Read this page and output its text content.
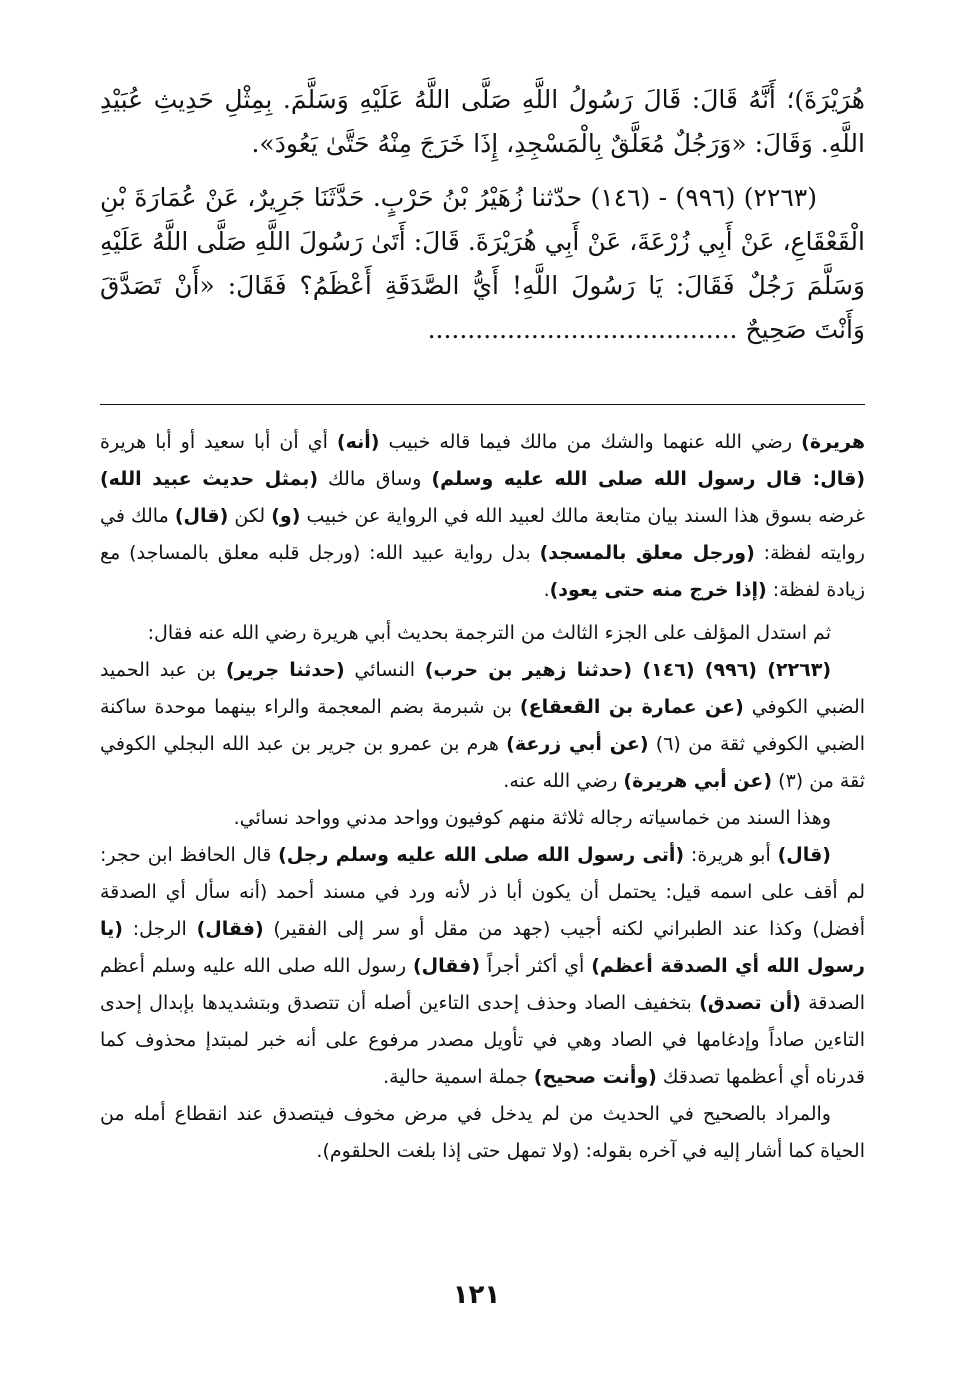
هُرَيْرَةَ)؛ أَنَّهُ قَالَ: قَالَ رَسُولُ اللَّهِ صَلَّى اللَّهُ عَلَيْهِ وَسَلَّمَ. بِمِثْلِ حَدِيثِ عُبَيْدِ اللَّهِ. وَقَالَ: «وَرَجُلٌ مُعَلَّقٌ بِالْمَسْجِدِ، إِذَا خَرَجَ مِنْهُ حَتَّىٰ يَعُودَ».

(٢٢٦٣) (٩٩٦) - (١٤٦) حدّثنا زُهَيْرُ بْنُ حَرْبٍ. حَدَّثَنَا جَرِيرٌ، عَنْ عُمَارَةَ بْنِ الْقَعْقَاعِ، عَنْ أَبِي زُرْعَةَ، عَنْ أَبِي هُرَيْرَةَ. قَالَ: أَتَىٰ رَسُولَ اللَّهِ صَلَّى اللَّهُ عَلَيْهِ وَسَلَّمَ رَجُلٌ فَقَالَ: يَا رَسُولَ اللَّهِ! أَيُّ الصَّدَقَةِ أَعْظَمُ؟ فَقَالَ: «أَنْ تَصَدَّقَ وَأَنْتَ صَحِيحٌ .......................................

هريرة) رضي الله عنهما والشك من مالك فيما قاله خبيب (أنه) أي أن أبا سعيد أو أبا هريرة (قال: قال رسول الله صلى الله عليه وسلم) وساق مالك (بمثل حديث عبيد الله) غرضه بسوق هذا السند بيان متابعة مالك لعبيد الله في الرواية عن خبيب (و) لكن (قال) مالك في روايته لفظة: (ورجل معلق بالمسجد) بدل رواية عبيد الله: (ورجل قلبه معلق بالمساجد) مع زيادة لفظة: (إذا خرج منه حتى يعود).

ثم استدل المؤلف على الجزء الثالث من الترجمة بحديث أبي هريرة رضي الله عنه فقال:

(٢٢٦٣) (٩٩٦) (١٤٦) (حدثنا زهير بن حرب) النسائي (حدثنا جرير) بن عبد الحميد الضبي الكوفي (عن عمارة بن القعقاع) بن شبرمة بضم المعجمة والراء بينهما موحدة ساكنة الضبي الكوفي ثقة من (٦) (عن أبي زرعة) هرم بن عمرو بن جرير بن عبد الله البجلي الكوفي ثقة من (٣) (عن أبي هريرة) رضي الله عنه.

وهذا السند من خماسياته رجاله ثلاثة منهم كوفيون وواحد مدني وواحد نسائي.

(قال) أبو هريرة: (أتى رسول الله صلى الله عليه وسلم رجل) قال الحافظ ابن حجر: لم أقف على اسمه قيل: يحتمل أن يكون أبا ذر لأنه ورد في مسند أحمد (أنه سأل أي الصدقة أفضل) وكذا عند الطبراني لكنه أجيب (جهد من مقل أو سر إلى الفقير) (فقال) الرجل: (يا رسول الله أي الصدقة أعظم) أي أكثر أجراً (فقال) رسول الله صلى الله عليه وسلم أعظم الصدقة (أن تصدق) بتخفيف الصاد وحذف إحدى التاءين أصله أن تتصدق وبتشديدها بإبدال إحدى التاءين صاداً وإدغامها في الصاد وهي في تأويل مصدر مرفوع على أنه خبر لمبتدإ محذوف كما قدرناه أي أعظمها تصدقك (وأنت صحيح) جملة اسمية حالية.

والمراد بالصحيح في الحديث من لم يدخل في مرض مخوف فيتصدق عند انقطاع أمله من الحياة كما أشار إليه في آخره بقوله: (ولا تمهل حتى إذا بلغت الحلقوم).

١٢١
